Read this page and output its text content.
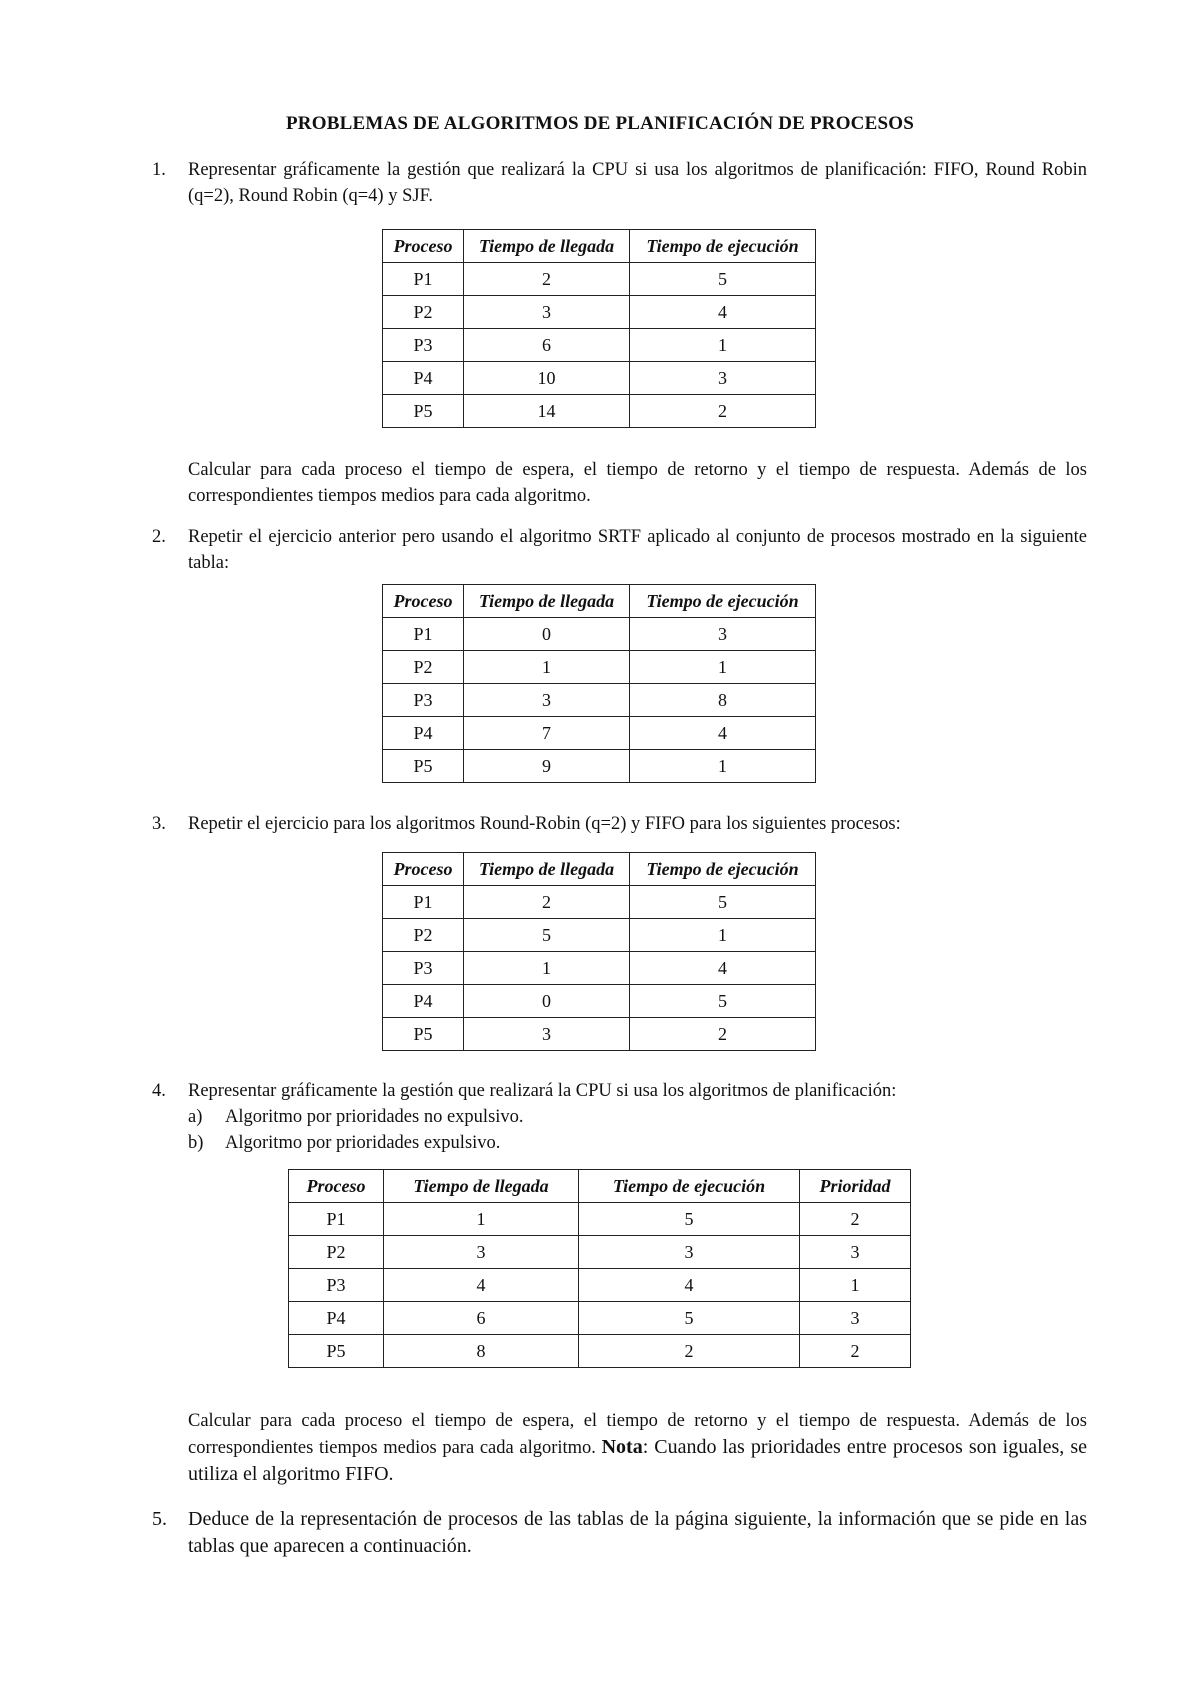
PROBLEMAS DE ALGORITMOS DE PLANIFICACIÓN DE PROCESOS
1.	Representar gráficamente la gestión que realizará la CPU si usa los algoritmos de planificación: FIFO, Round Robin (q=2), Round Robin (q=4) y SJF.
Proceso	Tiempo de llegada	Tiempo de ejecución
P1	2	5
P2	3	4
P3	6	1
P4	10	3
P5	14	2
Calcular para cada proceso el tiempo de espera, el tiempo de retorno y el tiempo de respuesta. Además de los correspondientes tiempos medios para cada algoritmo.
2.	Repetir el ejercicio anterior pero usando el algoritmo SRTF aplicado al conjunto de procesos mostrado en la siguiente tabla:
Proceso	Tiempo de llegada	Tiempo de ejecución
P1	0	3
P2	1	1
P3	3	8
P4	7	4
P5	9	1
3.	Repetir el ejercicio para los algoritmos Round-Robin (q=2) y FIFO para los siguientes procesos:
Proceso	Tiempo de llegada	Tiempo de ejecución
P1	2	5
P2	5	1
P3	1	4
P4	0	5
P5	3	2
4.	Representar gráficamente la gestión que realizará la CPU si usa los algoritmos de planificación:
a) Algoritmo por prioridades no expulsivo.
b) Algoritmo por prioridades expulsivo.
Proceso	Tiempo de llegada	Tiempo de ejecución	Prioridad
P1	1	5	2
P2	3	3	3
P3	4	4	1
P4	6	5	3
P5	8	2	2
Calcular para cada proceso el tiempo de espera, el tiempo de retorno y el tiempo de respuesta. Además de los correspondientes tiempos medios para cada algoritmo. Nota: Cuando las prioridades entre procesos son iguales, se utiliza el algoritmo FIFO.
5.	Deduce de la representación de procesos de las tablas de la página siguiente, la información que se pide en las tablas que aparecen a continuación.
